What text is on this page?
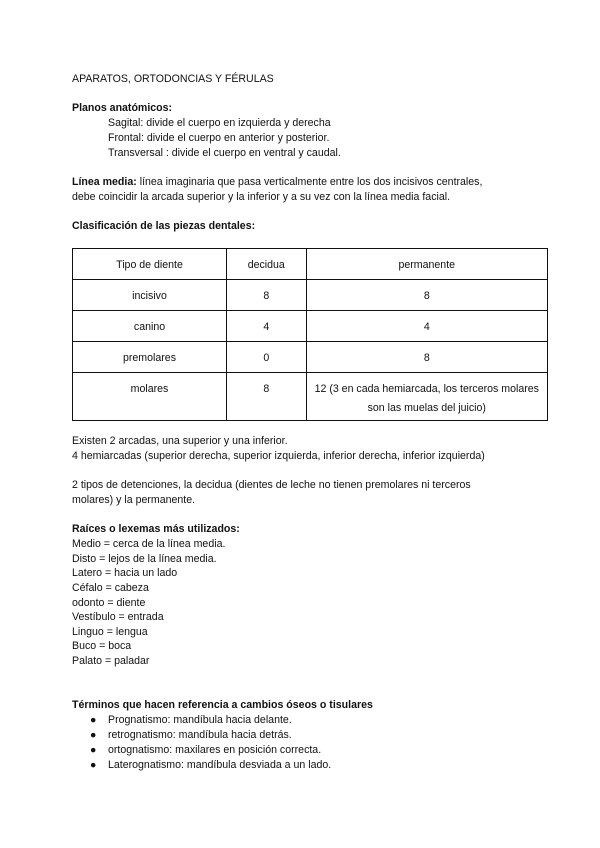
APARATOS, ORTODONCIAS Y FÉRULAS
Planos anatómicos:
Sagital: divide el cuerpo en izquierda y derecha
Frontal: divide el cuerpo en anterior y posterior.
Transversal : divide el cuerpo en ventral y caudal.
Línea media: línea imaginaria que pasa verticalmente entre los dos incisivos centrales,
debe coincidir la arcada superior y la inferior y a su vez con la línea media facial.
Clasificación de las piezas dentales:
Tipo de diente	decidua	permanente
incisivo	8	8
canino	4	4
premolares	0	8
molares	8	12 (3 en cada hemiarcada, los terceros molares
son las muelas del juicio)
Existen 2 arcadas, una superior y una inferior.
4 hemiarcadas (superior derecha, superior izquierda, inferior derecha, inferior izquierda)
2 tipos de detenciones, la decidua (dientes de leche no tienen premolares ni terceros
molares) y la permanente.
Raíces o lexemas más utilizados:
Medio = cerca de la línea media.
Disto = lejos de la línea media.
Latero = hacia un lado
Céfalo = cabeza
odonto = diente
Vestíbulo = entrada
Linguo = lengua
Buco = boca
Palato = paladar
Términos que hacen referencia a cambios óseos o tisulares
● Prognatismo: mandíbula hacia delante.
● retrognatismo: mandíbula hacia detrás.
● ortognatismo: maxilares en posición correcta.
● Laterognatismo: mandíbula desviada a un lado.
